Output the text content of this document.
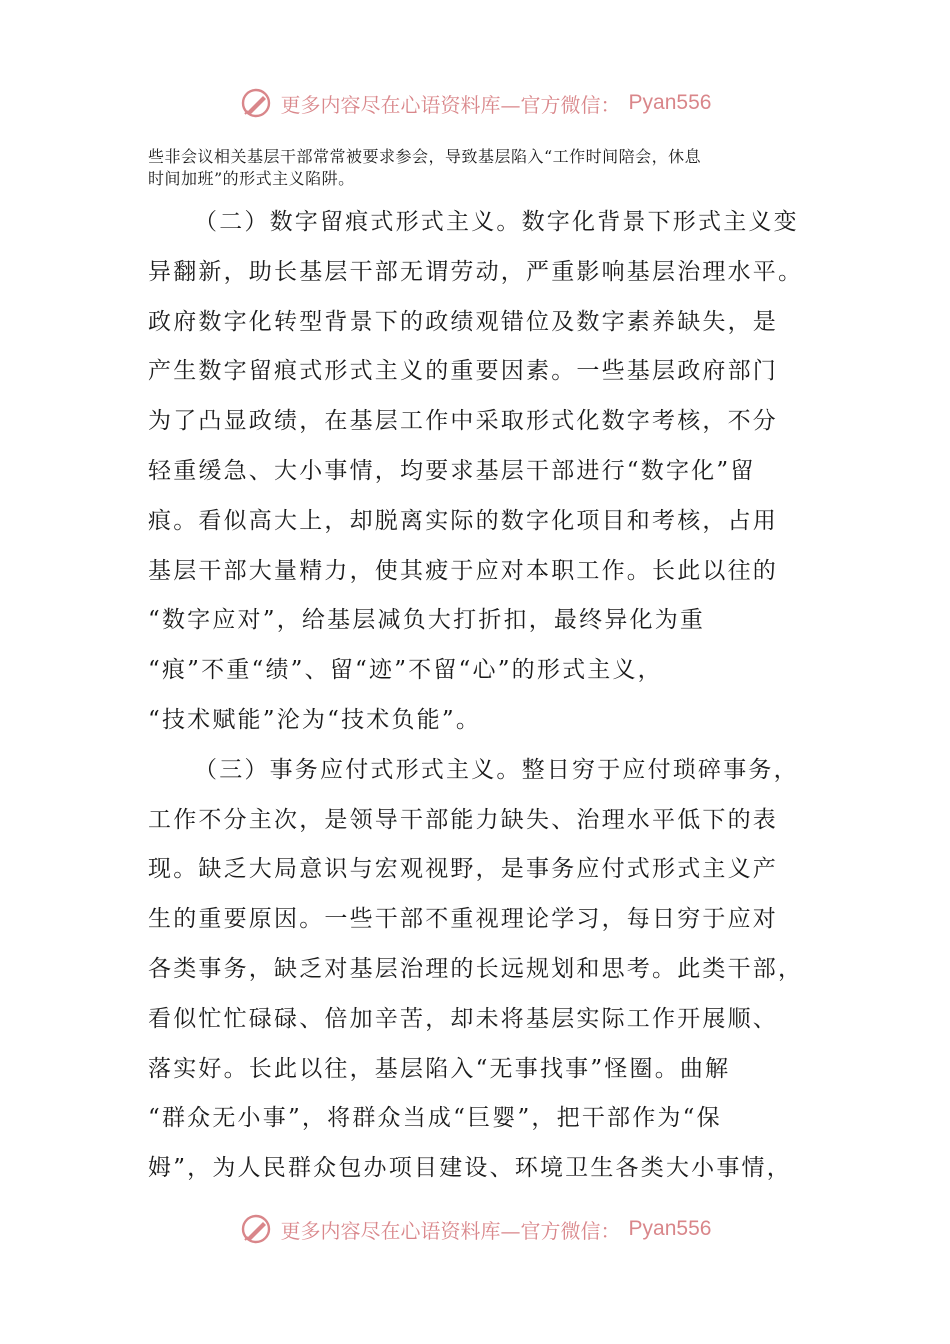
更多内容尽在心语资料库—官方微信： Pyan556

些非会议相关基层干部常常被要求参会，导致基层陷入“工作时间陪会，休息

时间加班”的形式主义陷阱。

（二）数字留痕式形式主义。数字化背景下形式主义变
异翻新，助长基层干部无谓劳动，严重影响基层治理水平。
政府数字化转型背景下的政绩观错位及数字素养缺失，是
产生数字留痕式形式主义的重要因素。一些基层政府部门
为了凸显政绩，在基层工作中采取形式化数字考核，不分
轻重缓急、大小事情，均要求基层干部进行“数字化”留
痕。看似高大上，却脱离实际的数字化项目和考核，占用
基层干部大量精力，使其疲于应对本职工作。长此以往的
“数字应对”，给基层减负大打折扣，最终异化为重
“痕”不重“绩”、留“迹”不留“心”的形式主义，
“技术赋能”沦为“技术负能”。
（三）事务应付式形式主义。整日穷于应付琐碎事务，
工作不分主次，是领导干部能力缺失、治理水平低下的表
现。缺乏大局意识与宏观视野，是事务应付式形式主义产
生的重要原因。一些干部不重视理论学习，每日穷于应对
各类事务，缺乏对基层治理的长远规划和思考。此类干部，
看似忙忙碌碌、倍加辛苦，却未将基层实际工作开展顺、
落实好。长此以往，基层陷入“无事找事”怪圈。曲解
“群众无小事”，将群众当成“巨婴”，把干部作为“保
姆”，为人民群众包办项目建设、环境卫生各类大小事情，
更多内容尽在心语资料库—官方微信： Pyan556
